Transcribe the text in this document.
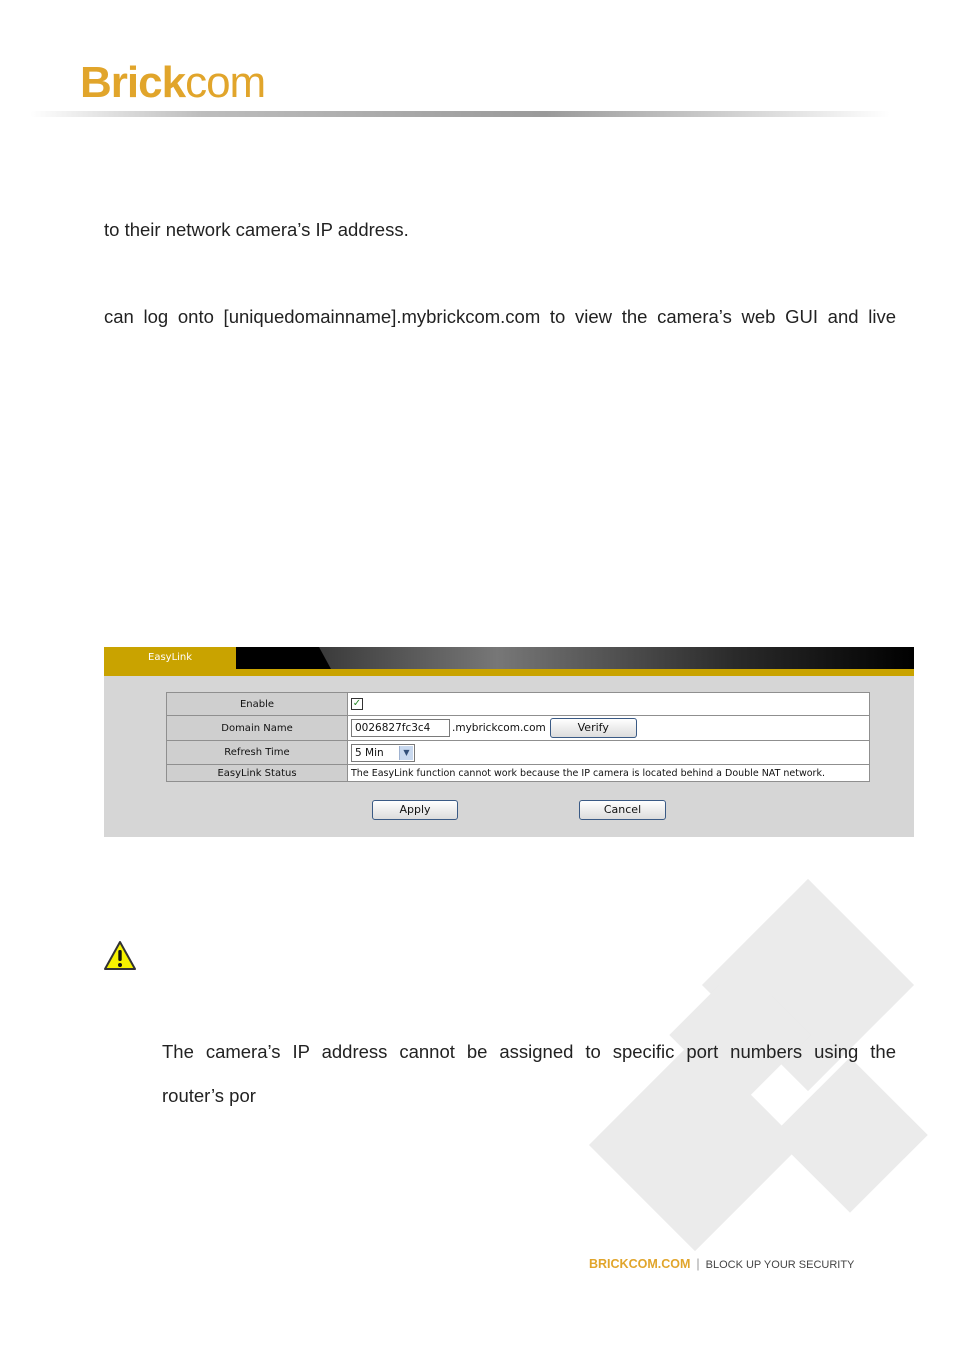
Brickcom
to their network camera’s IP address.
can log onto [uniquedomainname].mybrickcom.com to view the camera’s web GUI and live
EasyLink
Enable	✓
Domain Name	0026827fc3c4 .mybrickcom.com Verify
Refresh Time	5 Min ▼

EasyLink Status	The EasyLink function cannot work because the IP camera is located behind a Double NAT network.
Apply	Cancel
The camera’s IP address cannot be assigned to specific port numbers using the
router’s por
BRICKCOM.COM | BLOCK UP YOUR SECURITY
